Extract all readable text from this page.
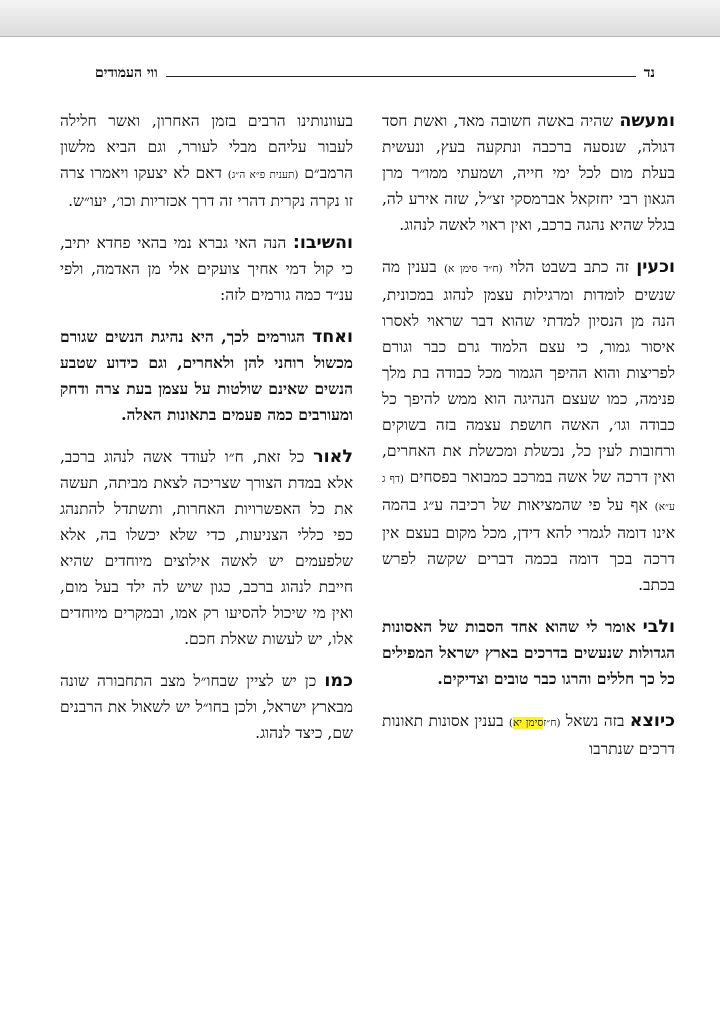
נד
ווי העמודים

ומעשה שהיה באשה חשובה מאד, ואשת חסד דגולה, שנסעה ברכבה ונתקעה בעץ, ונעשית בעלת מום לכל ימי חייה, ושמעתי ממו״ר מרן הגאון רבי יחזקאל אברמסקי זצ״ל, שזה אירע לה, בגלל שהיא נהגה ברכב, ואין ראוי לאשה לנהוג.

וכעין זה כתב בשבט הלוי (ח״ד סימן א) בענין מה שנשים לומדות ומרגילות עצמן לנהוג במכונית, הנה מן הנסיון למדתי שהוא דבר שראוי לאסרו איסור גמור, כי עצם הלמוד גרם כבר וגורם לפריצות והוא ההיפך הגמור מכל כבודה בת מלך פנימה, כמו שעצם הנהיגה הוא ממש להיפך כל כבודה וגו׳, האשה חושפת עצמה בזה בשוקים ורחובות לעין כל, נכשלת ומכשלת את האחרים, ואין דרכה של אשה במרכב כמבואר בפסחים (דף ג ע״א) אף על פי שהמציאות של רכיבה ע״ג בהמה אינו דומה לגמרי להא דידן, מכל מקום בעצם אין דרכה בכך דומה בכמה דברים שקשה לפרש בכתב.

ולבי אומר לי שהוא אחד הסבות של האסונות הגדולות שנעשים בדרכים בארץ ישראל המפילים כל כך חללים והרגו כבר טובים וצדיקים.

כיוצא בזה נשאל (ח״זסימן יא) בענין אסונות תאונות דרכים שנתרבו

בעוונותינו הרבים בזמן האחרון, ואשר חלילה לעבור עליהם מבלי לעורר, וגם הביא מלשון הרמב״ם (תענית פ״א ה״ג) דאם לא יצעקו ויאמרו צרה זו נקרה נקרית דהרי זה דרך אכזריות וכו׳, יעו״ש.

והשיבו: הנה האי גברא נמי בהאי פחדא יתיב, כי קול דמי אחיך צועקים אלי מן האדמה, ולפי ענ״ד כמה גורמים לזה:

ואחד הגורמים לכך, היא נהיגת הנשים שגורם מכשול רוחני להן ולאחרים, וגם כידוע שטבע הנשים שאינם שולטות על עצמן בעת צרה ודחק ומעורבים כמה פעמים בתאונות האלה.

לאור כל זאת, ח״ו לעודד אשה לנהוג ברכב, אלא במדת הצורך שצריכה לצאת מביתה, תעשה את כל האפשרויות האחרות, ותשתדל להתנהג כפי כללי הצניעות, כדי שלא יכשלו בה, אלא שלפעמים יש לאשה אילוצים מיוחדים שהיא חייבת לנהוג ברכב, כגון שיש לה ילד בעל מום, ואין מי שיכול להסיעו רק אמו, ובמקרים מיוחדים אלו, יש לעשות שאלת חכם.

כמו כן יש לציין שבחו״ל מצב התחבורה שונה מבארץ ישראל, ולכן בחו״ל יש לשאול את הרבנים שם, כיצד לנהוג.
